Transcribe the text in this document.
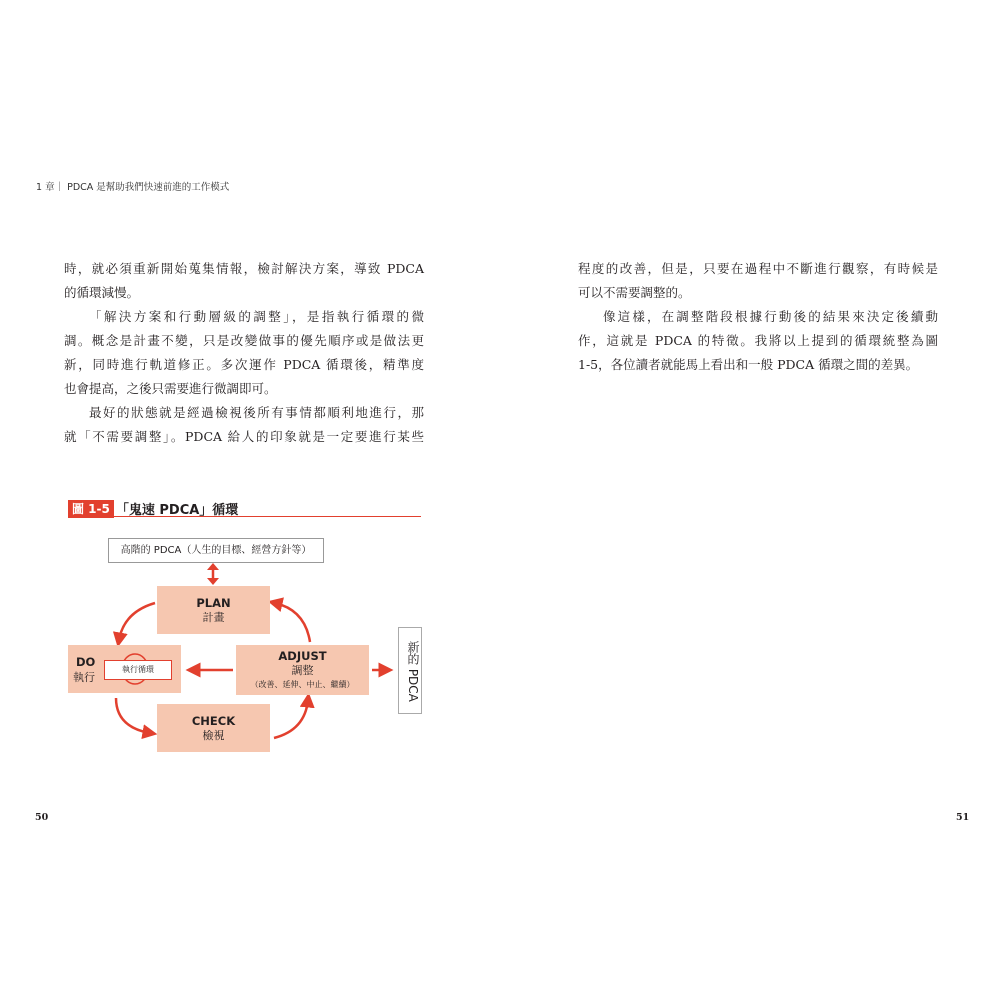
1 章｜ PDCA 是幫助我們快速前進的工作模式

時，就必須重新開始蒐集情報，檢討解決方案，導致 PDCA

的循環減慢。

「解決方案和行動層級的調整」，是指執行循環的微

調。概念是計畫不變，只是改變做事的優先順序或是做法更

新，同時進行軌道修正。多次運作 PDCA 循環後，精準度

也會提高，之後只需要進行微調即可。

最好的狀態就是經過檢視後所有事情都順利地進行，那

就「不需要調整」。PDCA 給人的印象就是一定要進行某些

程度的改善，但是，只要在過程中不斷進行觀察，有時候是

可以不需要調整的。

像這樣，在調整階段根據行動後的結果來決定後續動

作，這就是 PDCA 的特徵。我將以上提到的循環統整為圖

1-5，各位讀者就能馬上看出和一般 PDCA 循環之間的差異。

圖 1-5 「鬼速 PDCA」循環
高階的 PDCA（人生的目標、經營方針等）
PLAN
計畫
DO
執行
執行循環
ADJUST
調整
（改善、延伸、中止、繼續）
CHECK
檢視
新的 PDCA
50	51
